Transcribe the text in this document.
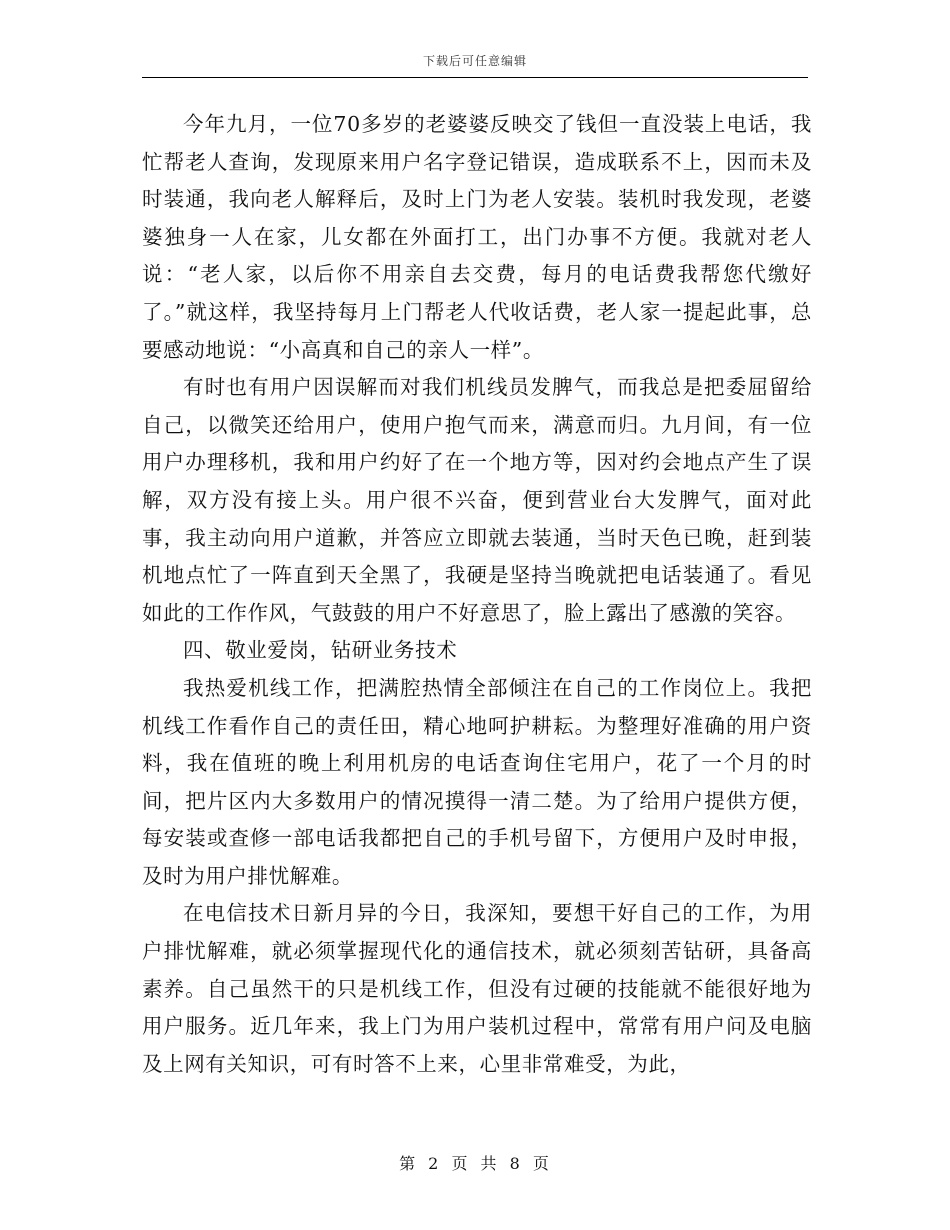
下载后可任意编辑

今年九月，一位70多岁的老婆婆反映交了钱但一直没装上电话，我忙帮老人查询，发现原来用户名字登记错误，造成联系不上，因而未及时装通，我向老人解释后，及时上门为老人安装。装机时我发现，老婆婆独身一人在家，儿女都在外面打工，出门办事不方便。我就对老人说：“老人家，以后你不用亲自去交费，每月的电话费我帮您代缴好了。”就这样，我坚持每月上门帮老人代收话费，老人家一提起此事，总要感动地说：“小高真和自己的亲人一样”。

有时也有用户因误解而对我们机线员发脾气，而我总是把委屈留给自己，以微笑还给用户，使用户抱气而来，满意而归。九月间，有一位用户办理移机，我和用户约好了在一个地方等，因对约会地点产生了误解，双方没有接上头。用户很不兴奋，便到营业台大发脾气，面对此事，我主动向用户道歉，并答应立即就去装通，当时天色已晚，赶到装机地点忙了一阵直到天全黑了，我硬是坚持当晚就把电话装通了。看见如此的工作作风，气鼓鼓的用户不好意思了，脸上露出了感激的笑容。

四、敬业爱岗，钻研业务技术

我热爱机线工作，把满腔热情全部倾注在自己的工作岗位上。我把机线工作看作自己的责任田，精心地呵护耕耘。为整理好准确的用户资料，我在值班的晚上利用机房的电话查询住宅用户，花了一个月的时间，把片区内大多数用户的情况摸得一清二楚。为了给用户提供方便，每安装或查修一部电话我都把自己的手机号留下，方便用户及时申报，及时为用户排忧解难。

在电信技术日新月异的今日，我深知，要想干好自己的工作，为用户排忧解难，就必须掌握现代化的通信技术，就必须刻苦钻研，具备高素养。自己虽然干的只是机线工作，但没有过硬的技能就不能很好地为用户服务。近几年来，我上门为用户装机过程中，常常有用户问及电脑及上网有关知识，可有时答不上来，心里非常难受，为此，

第 2 页 共 8 页
